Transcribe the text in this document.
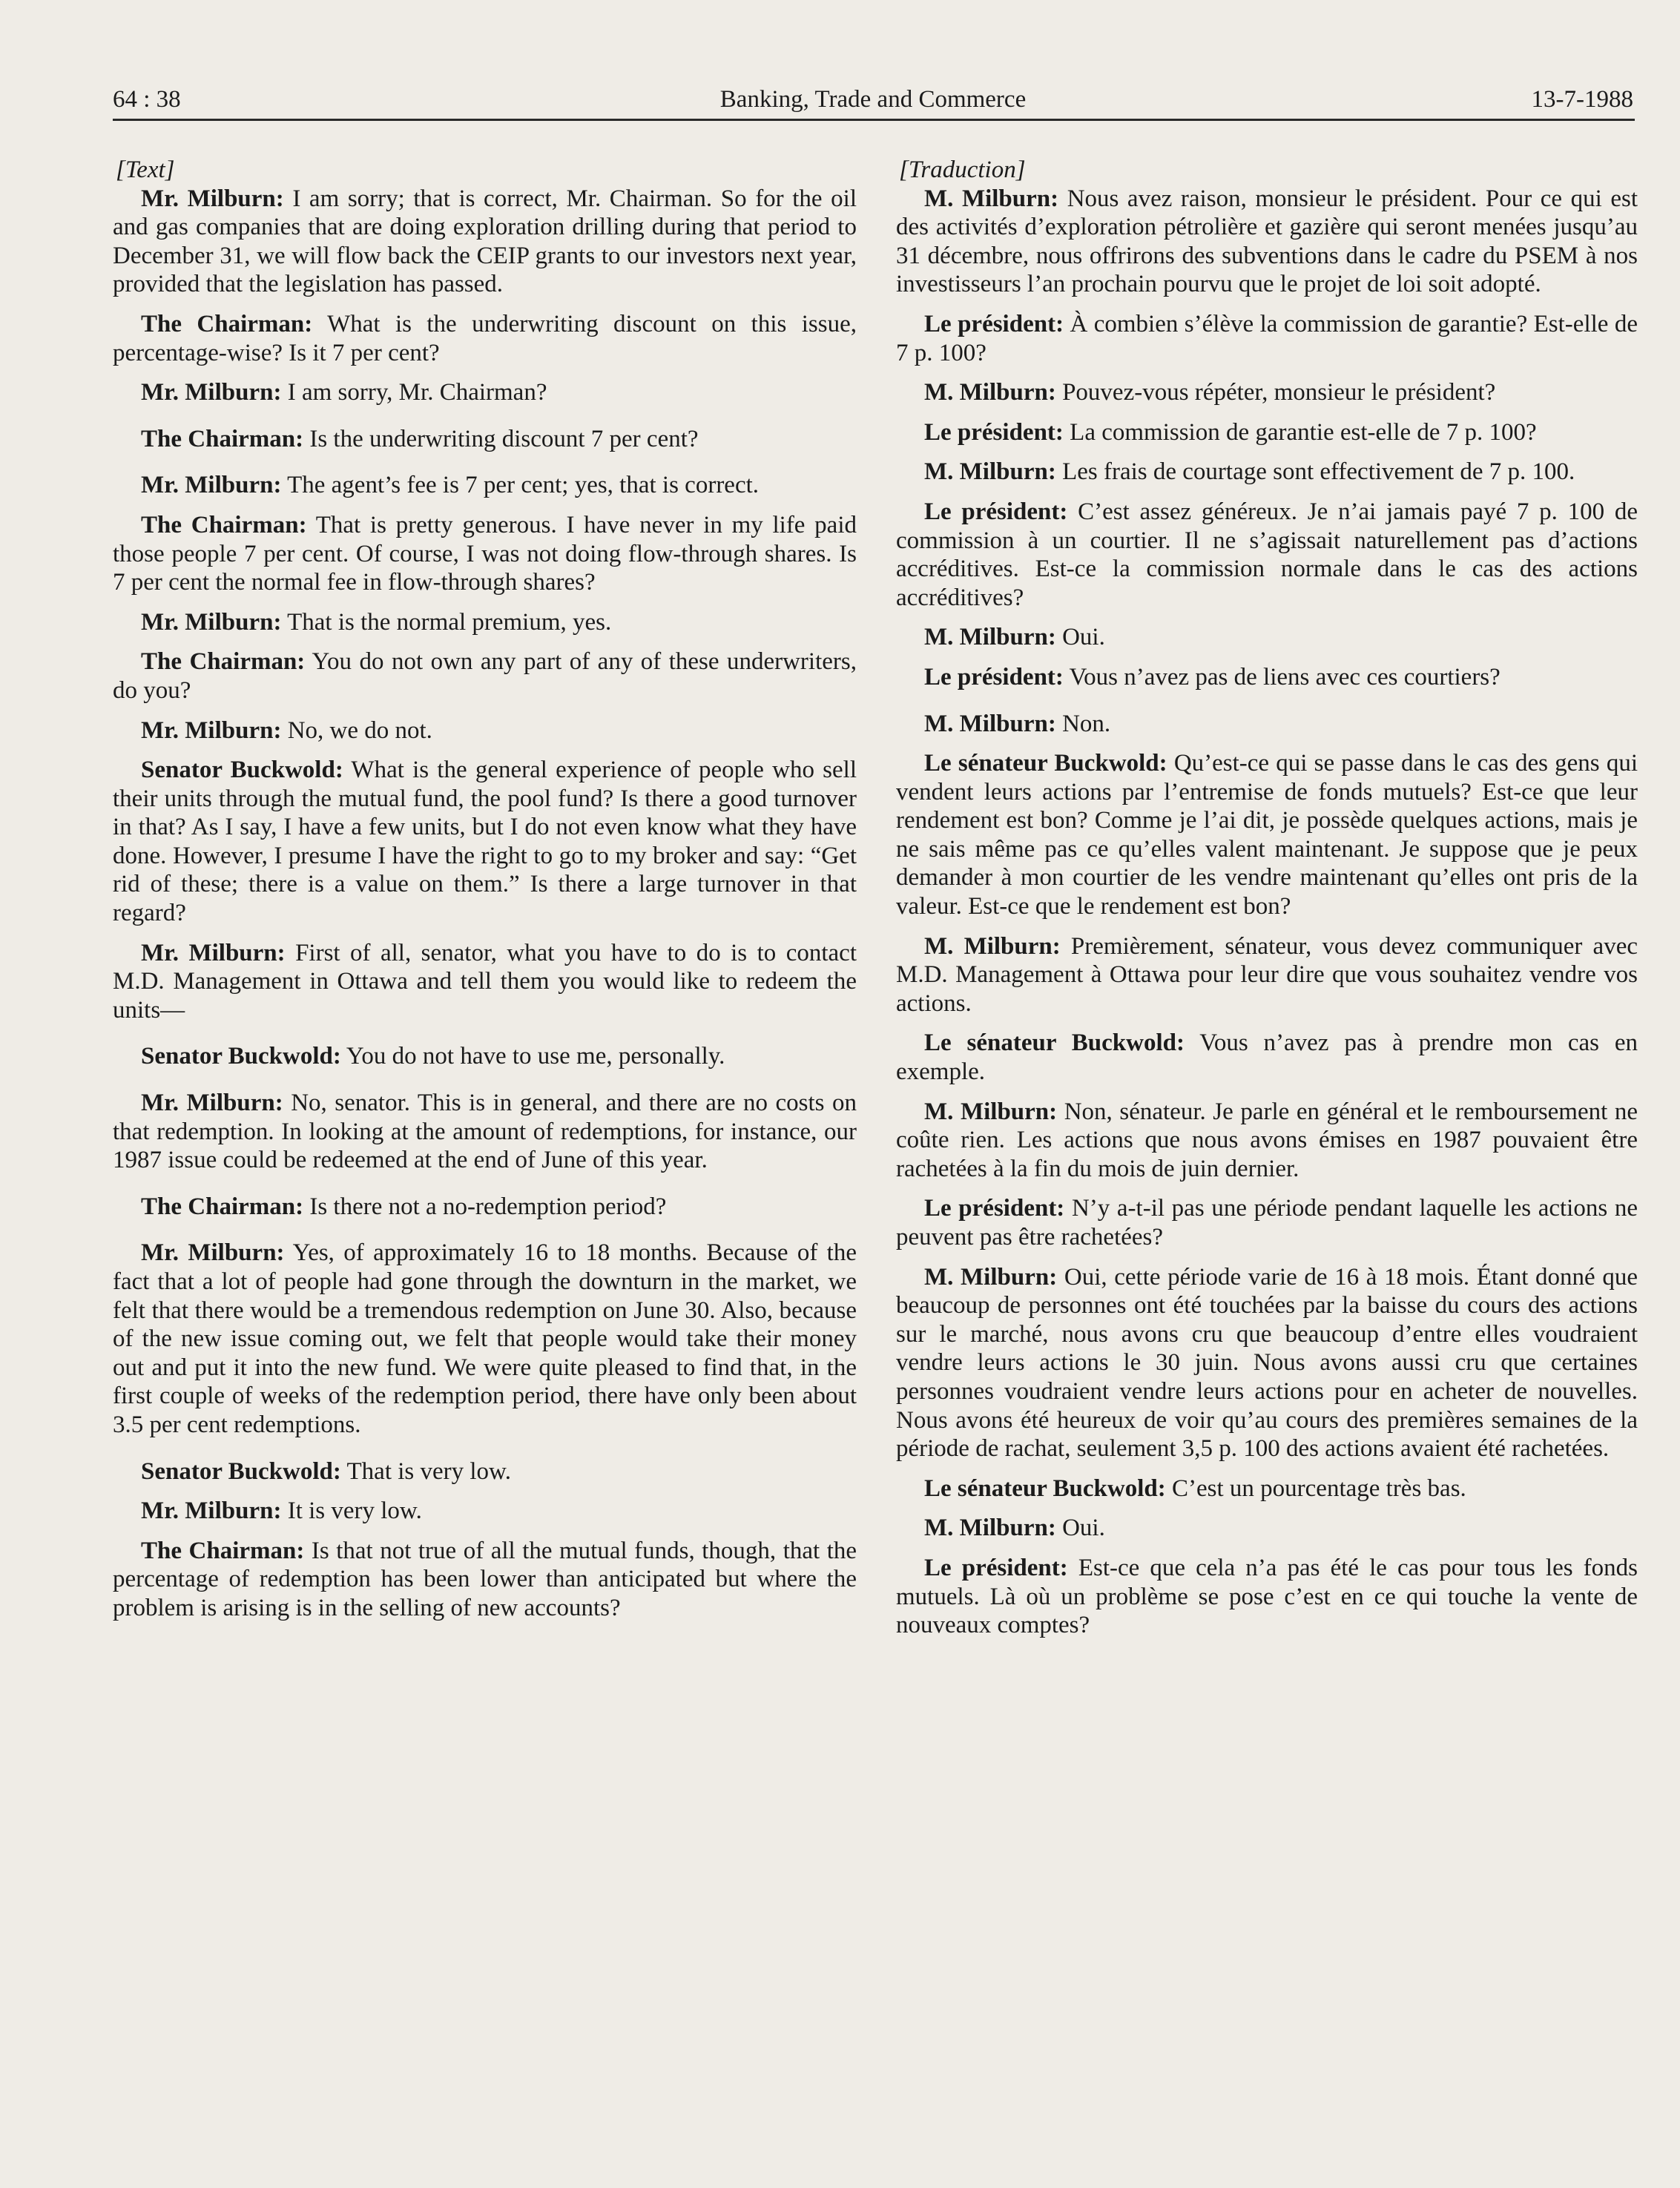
64 : 38	Banking, Trade and Commerce	13-7-1988
[Text]

Mr. Milburn: I am sorry; that is correct, Mr. Chairman. So for the oil and gas companies that are doing exploration drilling during that period to December 31, we will flow back the CEIP grants to our investors next year, provided that the legislation has passed.

The Chairman: What is the underwriting discount on this issue, percentage-wise? Is it 7 per cent?

Mr. Milburn: I am sorry, Mr. Chairman?

The Chairman: Is the underwriting discount 7 per cent?

Mr. Milburn: The agent’s fee is 7 per cent; yes, that is correct.

The Chairman: That is pretty generous. I have never in my life paid those people 7 per cent. Of course, I was not doing flow-through shares. Is 7 per cent the normal fee in flow-through shares?

Mr. Milburn: That is the normal premium, yes.

The Chairman: You do not own any part of any of these underwriters, do you?

Mr. Milburn: No, we do not.

Senator Buckwold: What is the general experience of people who sell their units through the mutual fund, the pool fund? Is there a good turnover in that? As I say, I have a few units, but I do not even know what they have done. However, I presume I have the right to go to my broker and say: “Get rid of these; there is a value on them.” Is there a large turnover in that regard?

Mr. Milburn: First of all, senator, what you have to do is to contact M.D. Management in Ottawa and tell them you would like to redeem the units—

Senator Buckwold: You do not have to use me, personally.

Mr. Milburn: No, senator. This is in general, and there are no costs on that redemption. In looking at the amount of redemptions, for instance, our 1987 issue could be redeemed at the end of June of this year.

The Chairman: Is there not a no-redemption period?

Mr. Milburn: Yes, of approximately 16 to 18 months. Because of the fact that a lot of people had gone through the downturn in the market, we felt that there would be a tremendous redemption on June 30. Also, because of the new issue coming out, we felt that people would take their money out and put it into the new fund. We were quite pleased to find that, in the first couple of weeks of the redemption period, there have only been about 3.5 per cent redemptions.

Senator Buckwold: That is very low.

Mr. Milburn: It is very low.

The Chairman: Is that not true of all the mutual funds, though, that the percentage of redemption has been lower than anticipated but where the problem is arising is in the selling of new accounts?

[Traduction]

M. Milburn: Nous avez raison, monsieur le président. Pour ce qui est des activités d’exploration pétrolière et gazière qui seront menées jusqu’au 31 décembre, nous offrirons des subventions dans le cadre du PSEM à nos investisseurs l’an prochain pourvu que le projet de loi soit adopté.

Le président: À combien s’élève la commission de garantie? Est-elle de 7 p. 100?

M. Milburn: Pouvez-vous répéter, monsieur le président?

Le président: La commission de garantie est-elle de 7 p. 100?

M. Milburn: Les frais de courtage sont effectivement de 7 p. 100.

Le président: C’est assez généreux. Je n’ai jamais payé 7 p. 100 de commission à un courtier. Il ne s’agissait naturellement pas d’actions accréditives. Est-ce la commission normale dans le cas des actions accréditives?

M. Milburn: Oui.

Le président: Vous n’avez pas de liens avec ces courtiers?

M. Milburn: Non.

Le sénateur Buckwold: Qu’est-ce qui se passe dans le cas des gens qui vendent leurs actions par l’entremise de fonds mutuels? Est-ce que leur rendement est bon? Comme je l’ai dit, je possède quelques actions, mais je ne sais même pas ce qu’elles valent maintenant. Je suppose que je peux demander à mon courtier de les vendre maintenant qu’elles ont pris de la valeur. Est-ce que le rendement est bon?

M. Milburn: Premièrement, sénateur, vous devez communiquer avec M.D. Management à Ottawa pour leur dire que vous souhaitez vendre vos actions.

Le sénateur Buckwold: Vous n’avez pas à prendre mon cas en exemple.

M. Milburn: Non, sénateur. Je parle en général et le remboursement ne coûte rien. Les actions que nous avons émises en 1987 pouvaient être rachetées à la fin du mois de juin dernier.

Le président: N’y a-t-il pas une période pendant laquelle les actions ne peuvent pas être rachetées?

M. Milburn: Oui, cette période varie de 16 à 18 mois. Étant donné que beaucoup de personnes ont été touchées par la baisse du cours des actions sur le marché, nous avons cru que beaucoup d’entre elles voudraient vendre leurs actions le 30 juin. Nous avons aussi cru que certaines personnes voudraient vendre leurs actions pour en acheter de nouvelles. Nous avons été heureux de voir qu’au cours des premières semaines de la période de rachat, seulement 3,5 p. 100 des actions avaient été rachetées.

Le sénateur Buckwold: C’est un pourcentage très bas.

M. Milburn: Oui.

Le président: Est-ce que cela n’a pas été le cas pour tous les fonds mutuels. Là où un problème se pose c’est en ce qui touche la vente de nouveaux comptes?
